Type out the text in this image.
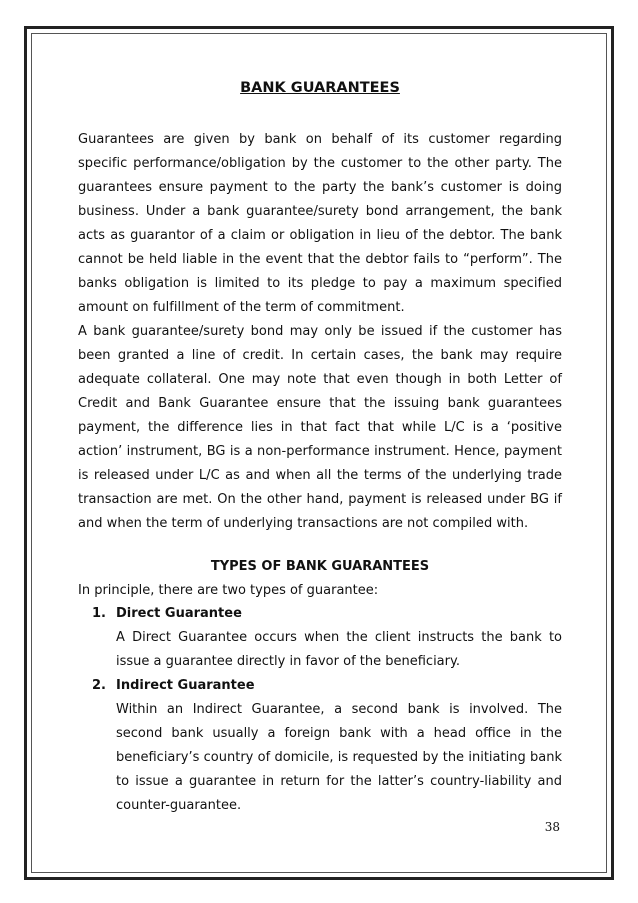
BANK GUARANTEES

Guarantees are given by bank on behalf of its customer regarding specific performance/obligation by the customer to the other party. The guarantees ensure payment to the party the bank’s customer is doing business. Under a bank guarantee/surety bond arrangement, the bank acts as guarantor of a claim or obligation in lieu of the debtor. The bank cannot be held liable in the event that the debtor fails to “perform”. The banks obligation is limited to its pledge to pay a maximum specified amount on fulfillment of the term of commitment.

A bank guarantee/surety bond may only be issued if the customer has been granted a line of credit. In certain cases, the bank may require adequate collateral. One may note that even though in both Letter of Credit and Bank Guarantee ensure that the issuing bank guarantees payment, the difference lies in that fact that while L/C is a ‘positive action’ instrument, BG is a non-performance instrument. Hence, payment is released under L/C as and when all the terms of the underlying trade transaction are met. On the other hand, payment is released under BG if and when the term of underlying transactions are not compiled with.

TYPES OF BANK GUARANTEES

In principle, there are two types of guarantee:

1. Direct Guarantee

A Direct Guarantee occurs when the client instructs the bank to issue a guarantee directly in favor of the beneficiary.

2. Indirect Guarantee

Within an Indirect Guarantee, a second bank is involved. The second bank usually a foreign bank with a head office in the beneficiary’s country of domicile, is requested by the initiating bank to issue a guarantee in return for the latter’s country-liability and counter-guarantee.

38
